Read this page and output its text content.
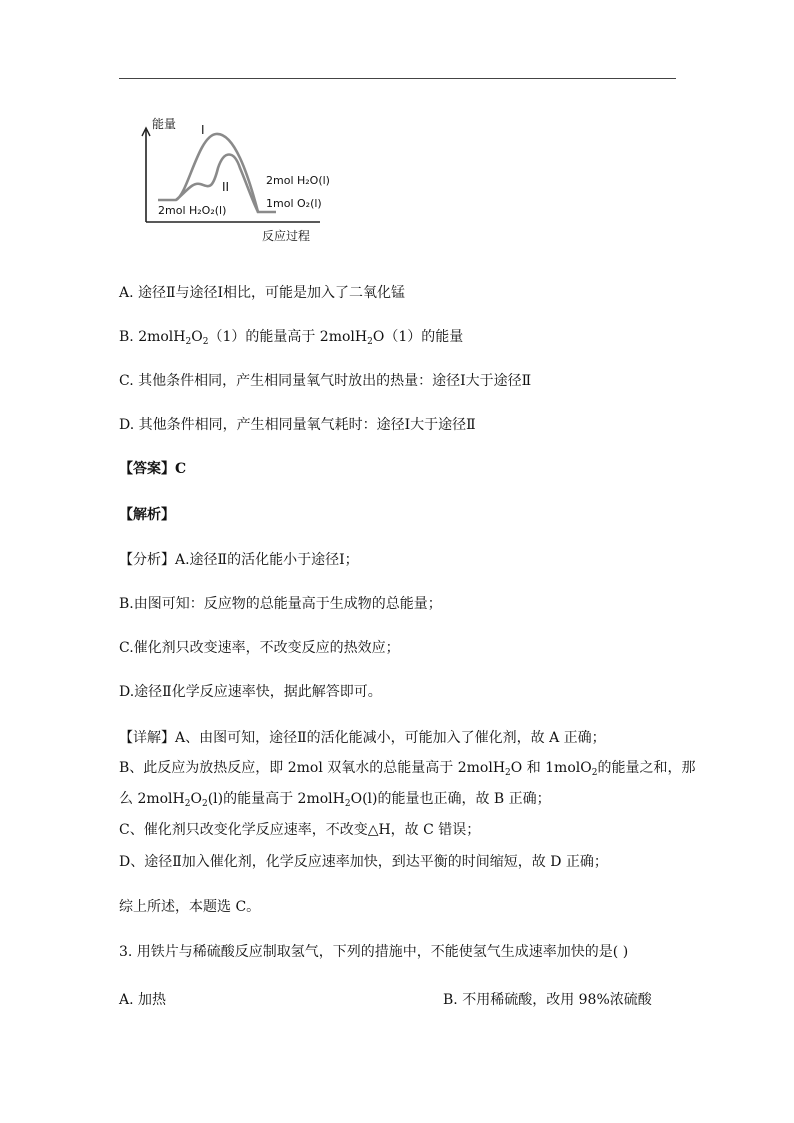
能量
反应过程
I
II
2mol H₂O₂(l)
2mol H₂O(l)
1mol O₂(l)
A. 途径Ⅱ与途径Ⅰ相比，可能是加入了二氧化锰
B. $2molH_2O_2(1)$的能量高于 2molH$_2$O（1）的能量
C. 其他条件相同，产生相同量氧气时放出的热量：途径Ⅰ大于途径Ⅱ
D. 其他条件相同，产生相同量氧气耗时：途径Ⅰ大于途径Ⅱ
【答案】C
【解析】
【分析】A.途径Ⅱ的活化能小于途径Ⅰ；
B.由图可知：反应物的总能量高于生成物的总能量；
C.催化剂只改变速率，不改变反应的热效应；
D.途径Ⅱ化学反应速率快，据此解答即可。
【详解】A、由图可知，途径Ⅱ的活化能减小，可能加入了催化剂，故 A 正确；
B、此反应为放热反应，即 2mol 双氧水的总能量高于 2molH$_2$O 和 1molO$_2$的能量之和，那
么 $2molH_2O_2(l)$的能量高于 2molH$_2$O(l)的能量也正确，故 B 正确；
C、催化剂只改变化学反应速率，不改变△H，故 C 错误；
D、途径Ⅱ加入催化剂，化学反应速率加快，到达平衡的时间缩短，故 D 正确；
综上所述，本题选 C。
3. 用铁片与稀硫酸反应制取氢气，下列的措施中，不能使氢气生成速率加快的是( )
A. 加热	B. 不用稀硫酸，改用 98%浓硫酸
